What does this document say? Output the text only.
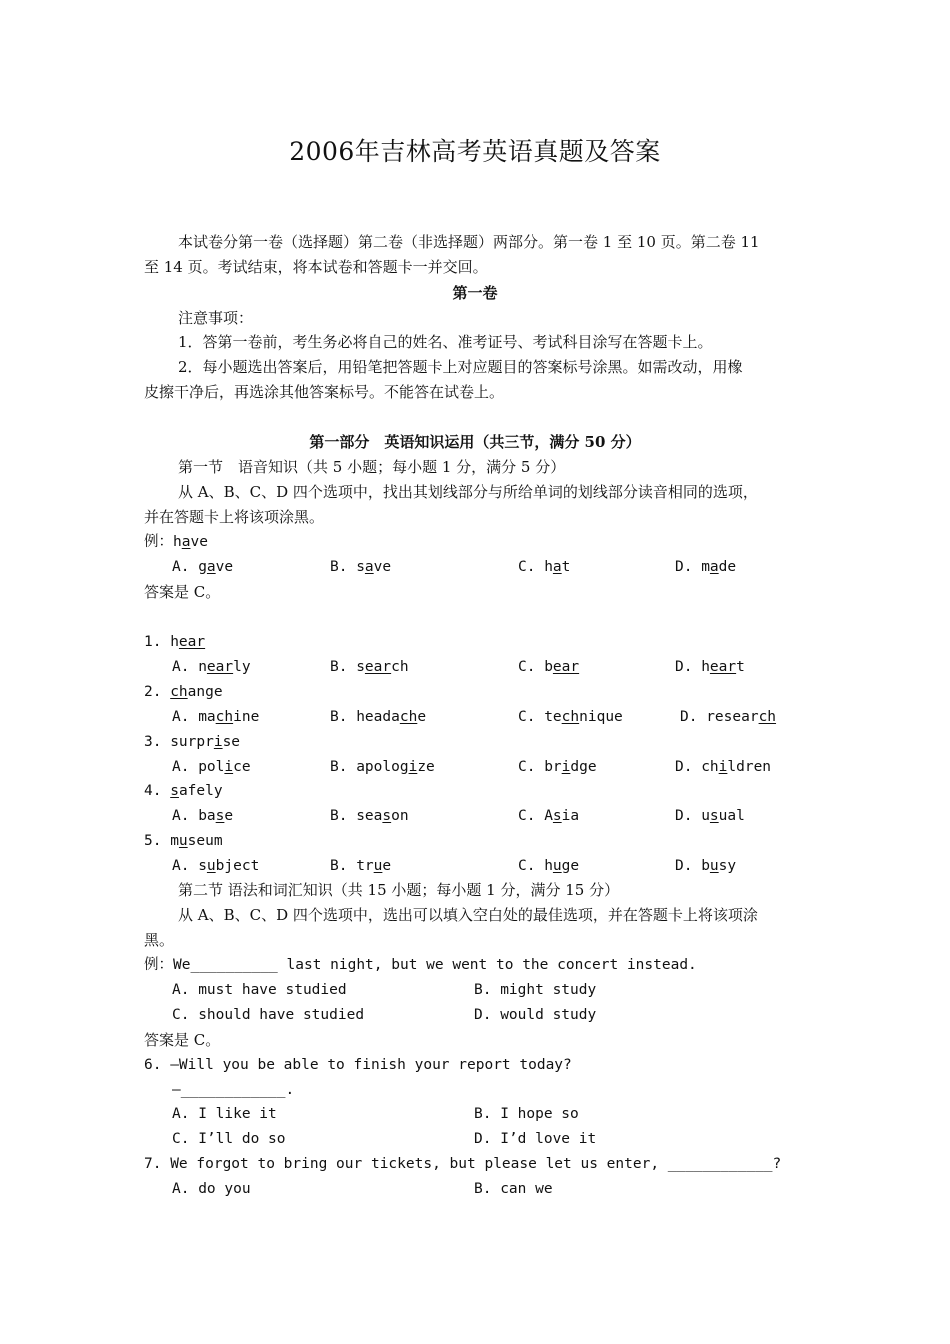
2006年吉林高考英语真题及答案
本试卷分第一卷（选择题）第二卷（非选择题）两部分。第一卷 1 至 10 页。第二卷 11
至 14 页。考试结束，将本试卷和答题卡一并交回。
第一卷
注意事项：
1．答第一卷前，考生务必将自己的姓名、准考证号、考试科目涂写在答题卡上。
2．每小题选出答案后，用铅笔把答题卡上对应题目的答案标号涂黑。如需改动，用橡
皮擦干净后，再选涂其他答案标号。不能答在试卷上。
第一部分　英语知识运用（共三节，满分 50 分）
第一节　语音知识（共 5 小题；每小题 1 分，满分 5 分）
从 A、B、C、D 四个选项中，找出其划线部分与所给单词的划线部分读音相同的选项，
并在答题卡上将该项涂黑。
例：have
A. gave	B. save	C. hat	D. made
答案是 C。
1. hear
A. nearly	B. search	C. bear	D. heart
2. change
A. machine	B. headache	C. technique	D. research
3. surprise
A. police	B. apologize	C. bridge	D. children
4. safely
A. base	B. season	C. Asia	D. usual
5. museum
A. subject	B. true	C. huge	D. busy
第二节 语法和词汇知识（共 15 小题；每小题 1 分，满分 15 分）
从 A、B、C、D 四个选项中，选出可以填入空白处的最佳选项，并在答题卡上将该项涂
黑。
例：We__________ last night, but we went to the concert instead.
A. must have studied	B. might study
C. should have studied	D. would study
答案是 C。
6. —Will you be able to finish your report today?
—____________.
A. I like it	B. I hope so
C. I’ll do so	D. I’d love it
7. We forgot to bring our tickets, but please let us enter, ____________?
A. do you	B. can we
